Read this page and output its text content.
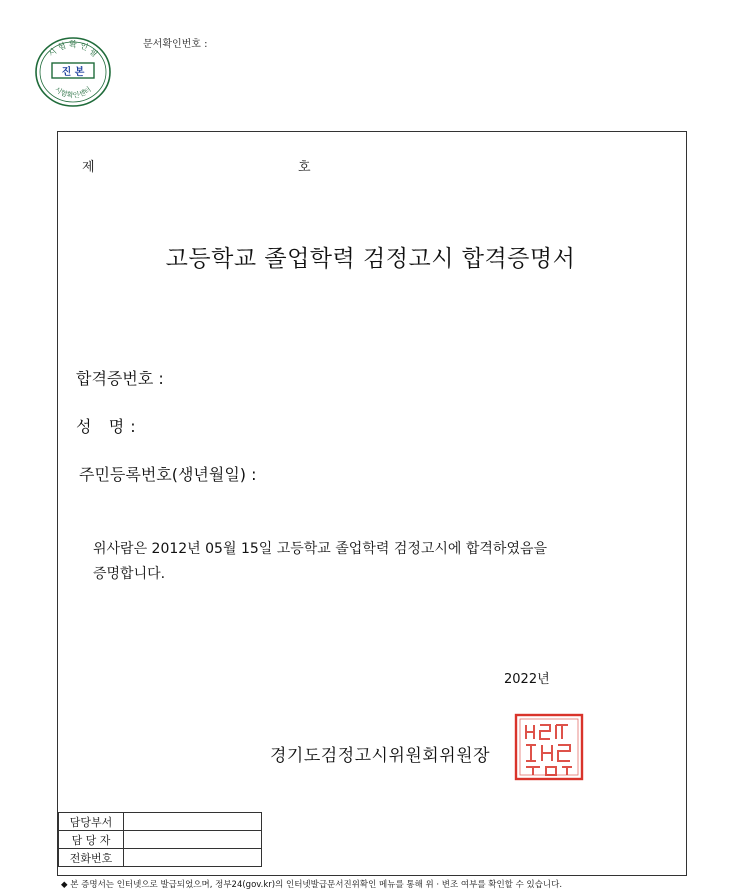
시 험 확 인 필
진 본
시험확인센터
문서확인번호 :
제	호
고등학교 졸업학력 검정고시 합격증명서
합격증번호 :
성   명 :
주민등록번호(생년월일) :
위사람은 2012년 05월 15일 고등학교 졸업학력 검정고시에 합격하였음을
증명합니다.
2022년
경기도검정고시위원회위원장
담당부서	
담 당 자	
전화번호	
◆ 본 증명서는 인터넷으로 발급되었으며, 정부24(gov.kr)의 인터넷발급문서진위확인 메뉴를 통해 위 · 변조 여부를 확인할 수 있습니다.
